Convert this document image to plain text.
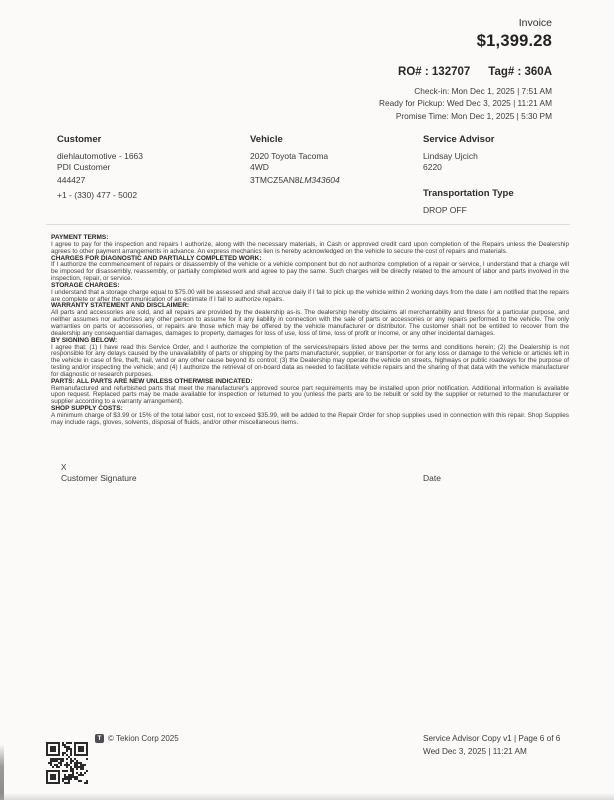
Invoice
$1,399.28
RO# : 132707 Tag# : 360A
Check-in: Mon Dec 1, 2025 | 7:51 AM
Ready for Pickup: Wed Dec 3, 2025 | 11:21 AM
Promise Time: Mon Dec 1, 2025 | 5:30 PM
Customer
diehlautomotive - 1663
PDI Customer
444427
+1 - (330) 477 - 5002
Vehicle
2020 Toyota Tacoma
4WD
3TMCZ5AN8LM343604
Service Advisor
Lindsay Ujcich
6220
Transportation Type
DROP OFF
PAYMENT TERMS:

I agree to pay for the inspection and repairs I authorize, along with the necessary materials, in Cash or approved credit card upon completion of the Repairs unless the Dealership agrees to other payment arrangements in advance. An express mechanics lien is hereby acknowledged on the vehicle to secure the cost of repairs and materials.

CHARGES FOR DIAGNOSTIC AND PARTIALLY COMPLETED WORK:

If I authorize the commencement of repairs or disassembly of the vehicle or a vehicle component but do not authorize completion of a repair or service, I understand that a charge will be imposed for disassembly, reassembly, or partially completed work and agree to pay the same. Such charges will be directly related to the amount of labor and parts involved in the inspection, repair, or service.

STORAGE CHARGES:

I understand that a storage charge equal to $75.00 will be assessed and shall accrue daily if I fail to pick up the vehicle within 2 working days from the date I am notified that the repairs are complete or after the communication of an estimate if I fail to authorize repairs.

WARRANTY STATEMENT AND DISCLAIMER:

All parts and accessories are sold, and all repairs are provided by the dealership as-is. The dealership hereby disclaims all merchantability and fitness for a particular purpose, and neither assumes nor authorizes any other person to assume for it any liability in connection with the sale of parts or accessories or any repairs performed to the vehicle. The only warranties on parts or accessories, or repairs are those which may be offered by the vehicle manufacturer or distributor. The customer shall not be entitled to recover from the dealership any consequential damages, damages to property, damages for loss of use, loss of time, loss of profit or income, or any other incidental damages.

BY SIGNING BELOW:

I agree that: (1) I have read this Service Order, and I authorize the completion of the services/repairs listed above per the terms and conditions herein; (2) the Dealership is not responsible for any delays caused by the unavailability of parts or shipping by the parts manufacturer, supplier, or transporter or for any loss or damage to the vehicle or articles left in the vehicle in case of fire, theft, hail, wind or any other cause beyond its control; (3) the Dealership may operate the vehicle on streets, highways or public roadways for the purpose of testing and/or inspecting the vehicle; and (4) I authorize the retrieval of on-board data as needed to facilitate vehicle repairs and the sharing of that data with the vehicle manufacturer for diagnostic or research purposes.

PARTS: ALL PARTS ARE NEW UNLESS OTHERWISE INDICATED:

Remanufactured and refurbished parts that meet the manufacturer's approved source part requirements may be installed upon prior notification. Additional information is available upon request. Replaced parts may be made available for inspection or returned to you (unless the parts are to be rebuilt or sold by the supplier or returned to the manufacturer or supplier according to a warranty arrangement).

SHOP SUPPLY COSTS:

A minimum charge of $3.99 or 15% of the total labor cost, not to exceed $35.99, will be added to the Repair Order for shop supplies used in connection with this repair. Shop Supplies may include rags, gloves, solvents, disposal of fluids, and/or other miscellaneous items.

X
Customer Signature	Date
T © Tekion Corp 2025	Service Advisor Copy v1 | Page 6 of 6
Wed Dec 3, 2025 | 11:21 AM
